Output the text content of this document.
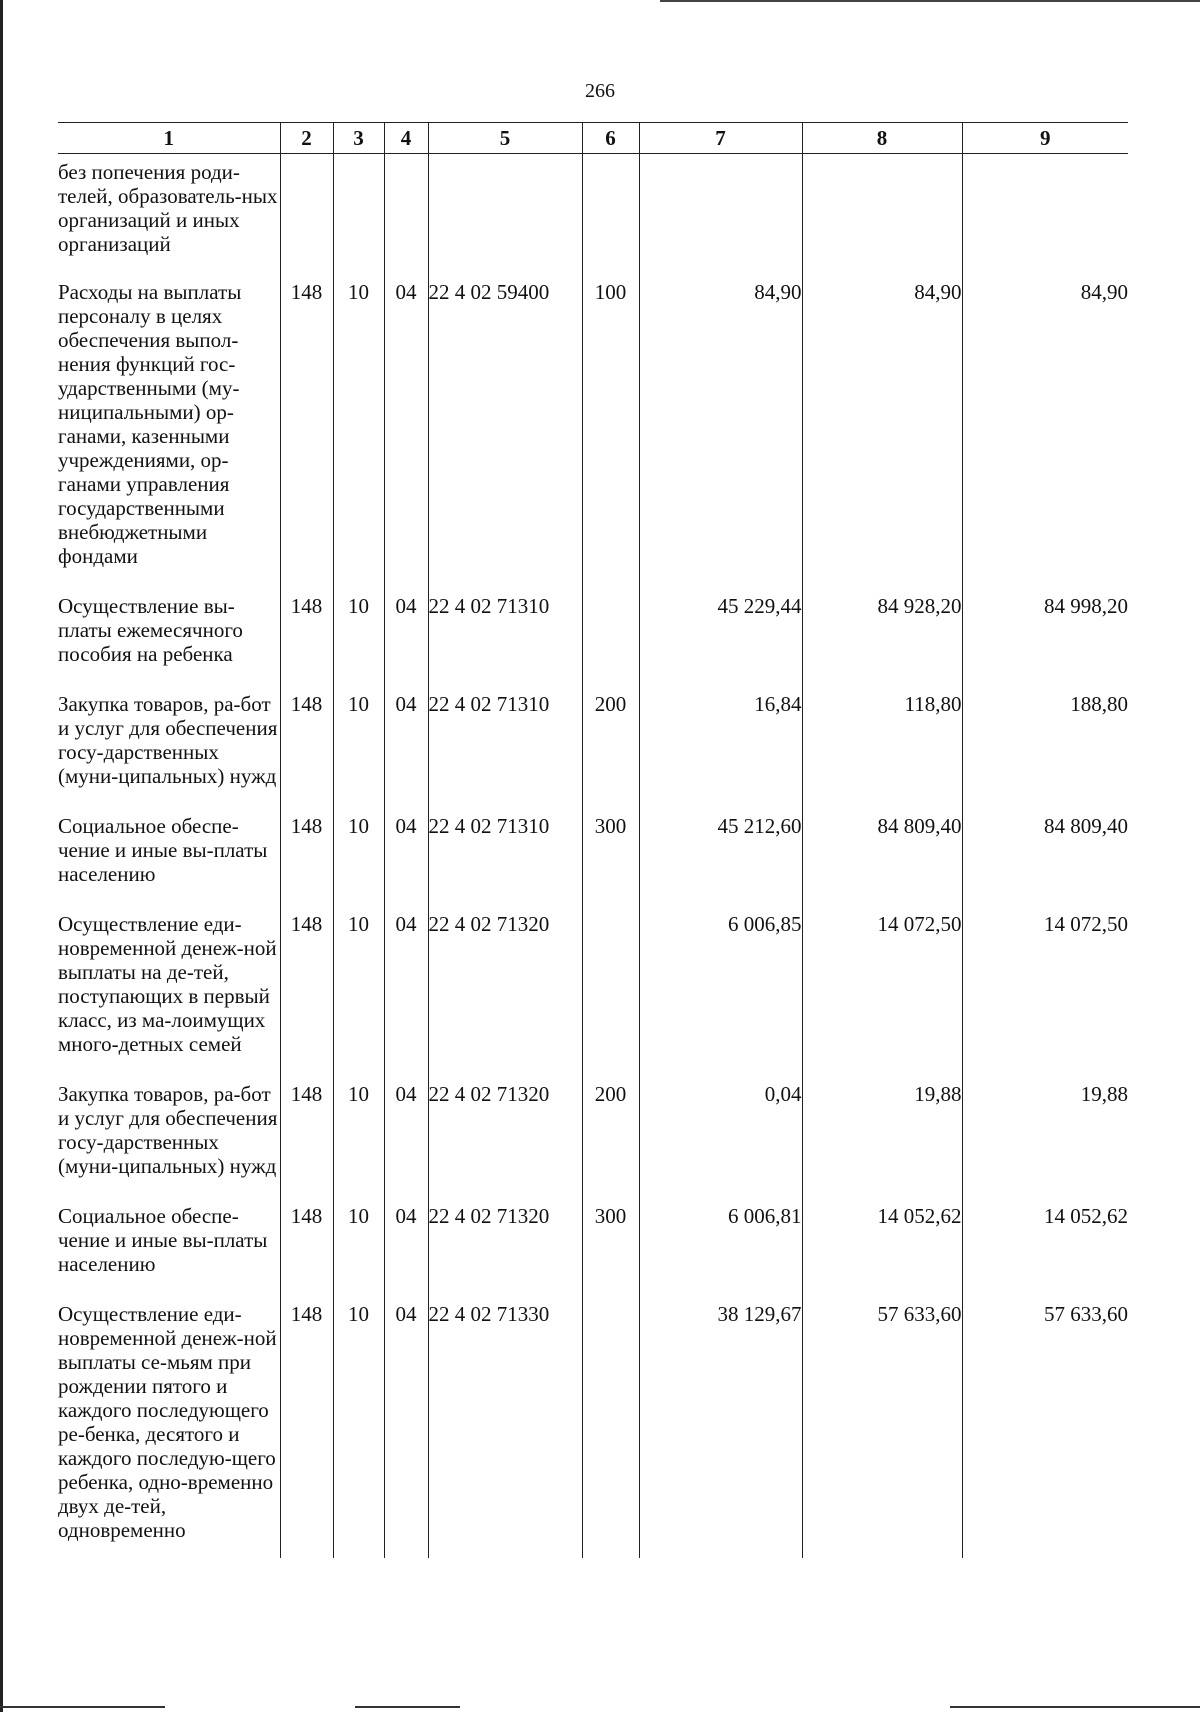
266
1	2	3	4	5	6	7	8	9
без попечения роди-телей, образователь-ных организаций и иных организаций								
Расходы на выплаты персоналу в целях обеспечения выпол-нения функций гос-ударственными (му-ниципальными) ор-ганами, казенными учреждениями, ор-ганами управления государственными внебюджетными фондами	148	10	04	22 4 02 59400	100	84,90	84,90	84,90
Осуществление вы-платы ежемесячного пособия на ребенка	148	10	04	22 4 02 71310		45 229,44	84 928,20	84 998,20
Закупка товаров, ра-бот и услуг для обеспечения госу-дарственных (муни-ципальных) нужд	148	10	04	22 4 02 71310	200	16,84	118,80	188,80
Социальное обеспе-чение и иные вы-платы населению	148	10	04	22 4 02 71310	300	45 212,60	84 809,40	84 809,40
Осуществление еди-новременной денеж-ной выплаты на де-тей, поступающих в первый класс, из ма-лоимущих много-детных семей	148	10	04	22 4 02 71320		6 006,85	14 072,50	14 072,50
Закупка товаров, ра-бот и услуг для обеспечения госу-дарственных (муни-ципальных) нужд	148	10	04	22 4 02 71320	200	0,04	19,88	19,88
Социальное обеспе-чение и иные вы-платы населению	148	10	04	22 4 02 71320	300	6 006,81	14 052,62	14 052,62
Осуществление еди-новременной денеж-ной выплаты се-мьям при рождении пятого и каждого последующего ре-бенка, десятого и каждого последую-щего ребенка, одно-временно двух де-тей, одновременно	148	10	04	22 4 02 71330		38 129,67	57 633,60	57 633,60
